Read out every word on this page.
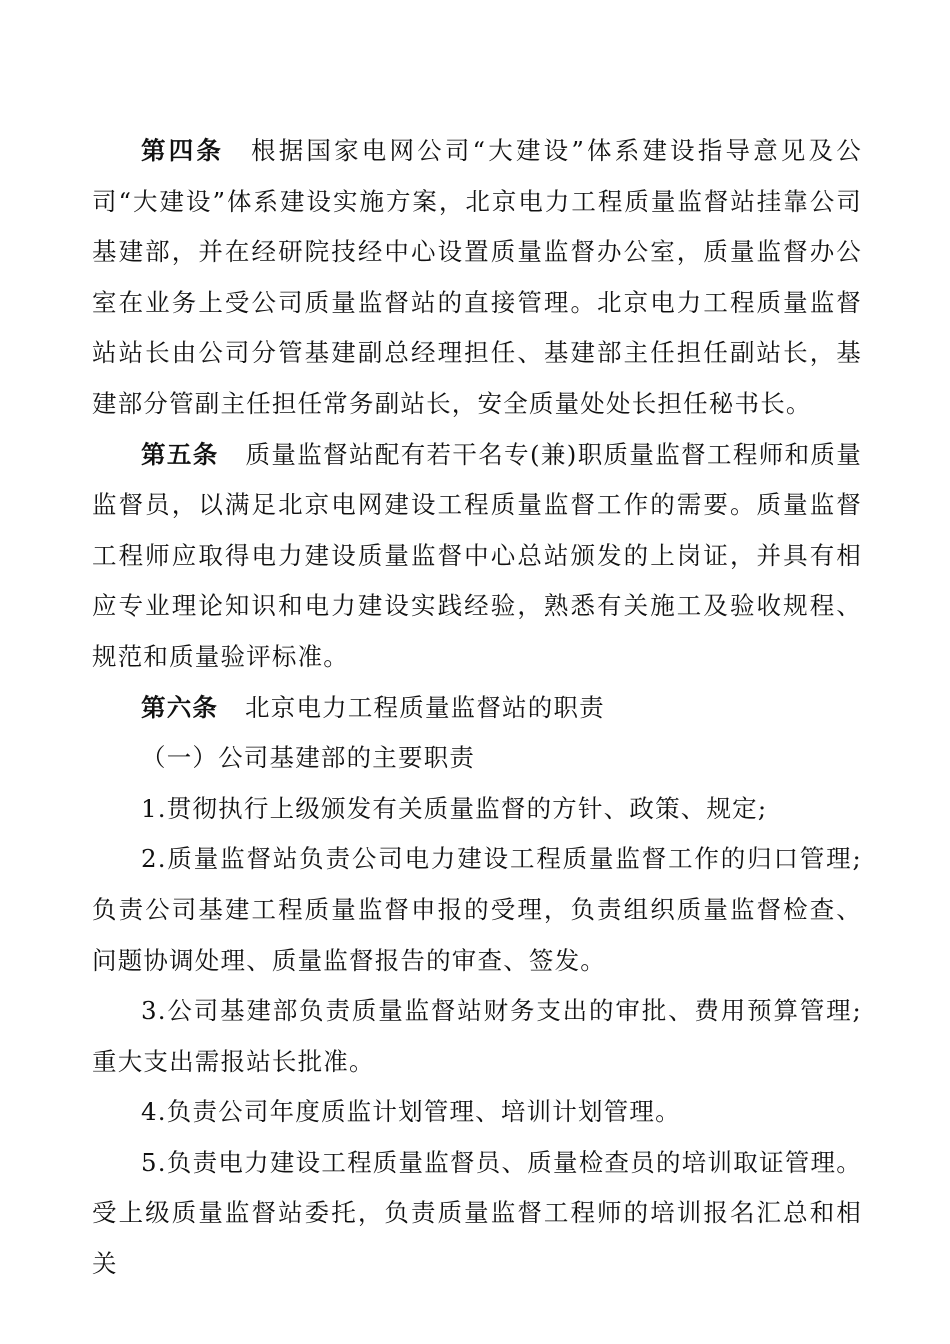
第四条 根据国家电网公司“大建设”体系建设指导意见及公司“大建设”体系建设实施方案，北京电力工程质量监督站挂靠公司基建部，并在经研院技经中心设置质量监督办公室，质量监督办公室在业务上受公司质量监督站的直接管理。北京电力工程质量监督站站长由公司分管基建副总经理担任、基建部主任担任副站长，基建部分管副主任担任常务副站长，安全质量处处长担任秘书长。

第五条 质量监督站配有若干名专(兼)职质量监督工程师和质量监督员，以满足北京电网建设工程质量监督工作的需要。质量监督工程师应取得电力建设质量监督中心总站颁发的上岗证，并具有相应专业理论知识和电力建设实践经验，熟悉有关施工及验收规程、规范和质量验评标准。

第六条 北京电力工程质量监督站的职责

（一）公司基建部的主要职责

1.贯彻执行上级颁发有关质量监督的方针、政策、规定;

2.质量监督站负责公司电力建设工程质量监督工作的归口管理;负责公司基建工程质量监督申报的受理，负责组织质量监督检查、问题协调处理、质量监督报告的审查、签发。

3.公司基建部负责质量监督站财务支出的审批、费用预算管理;重大支出需报站长批准。

4.负责公司年度质监计划管理、培训计划管理。

5.负责电力建设工程质量监督员、质量检查员的培训取证管理。受上级质量监督站委托，负责质量监督工程师的培训报名汇总和相关
